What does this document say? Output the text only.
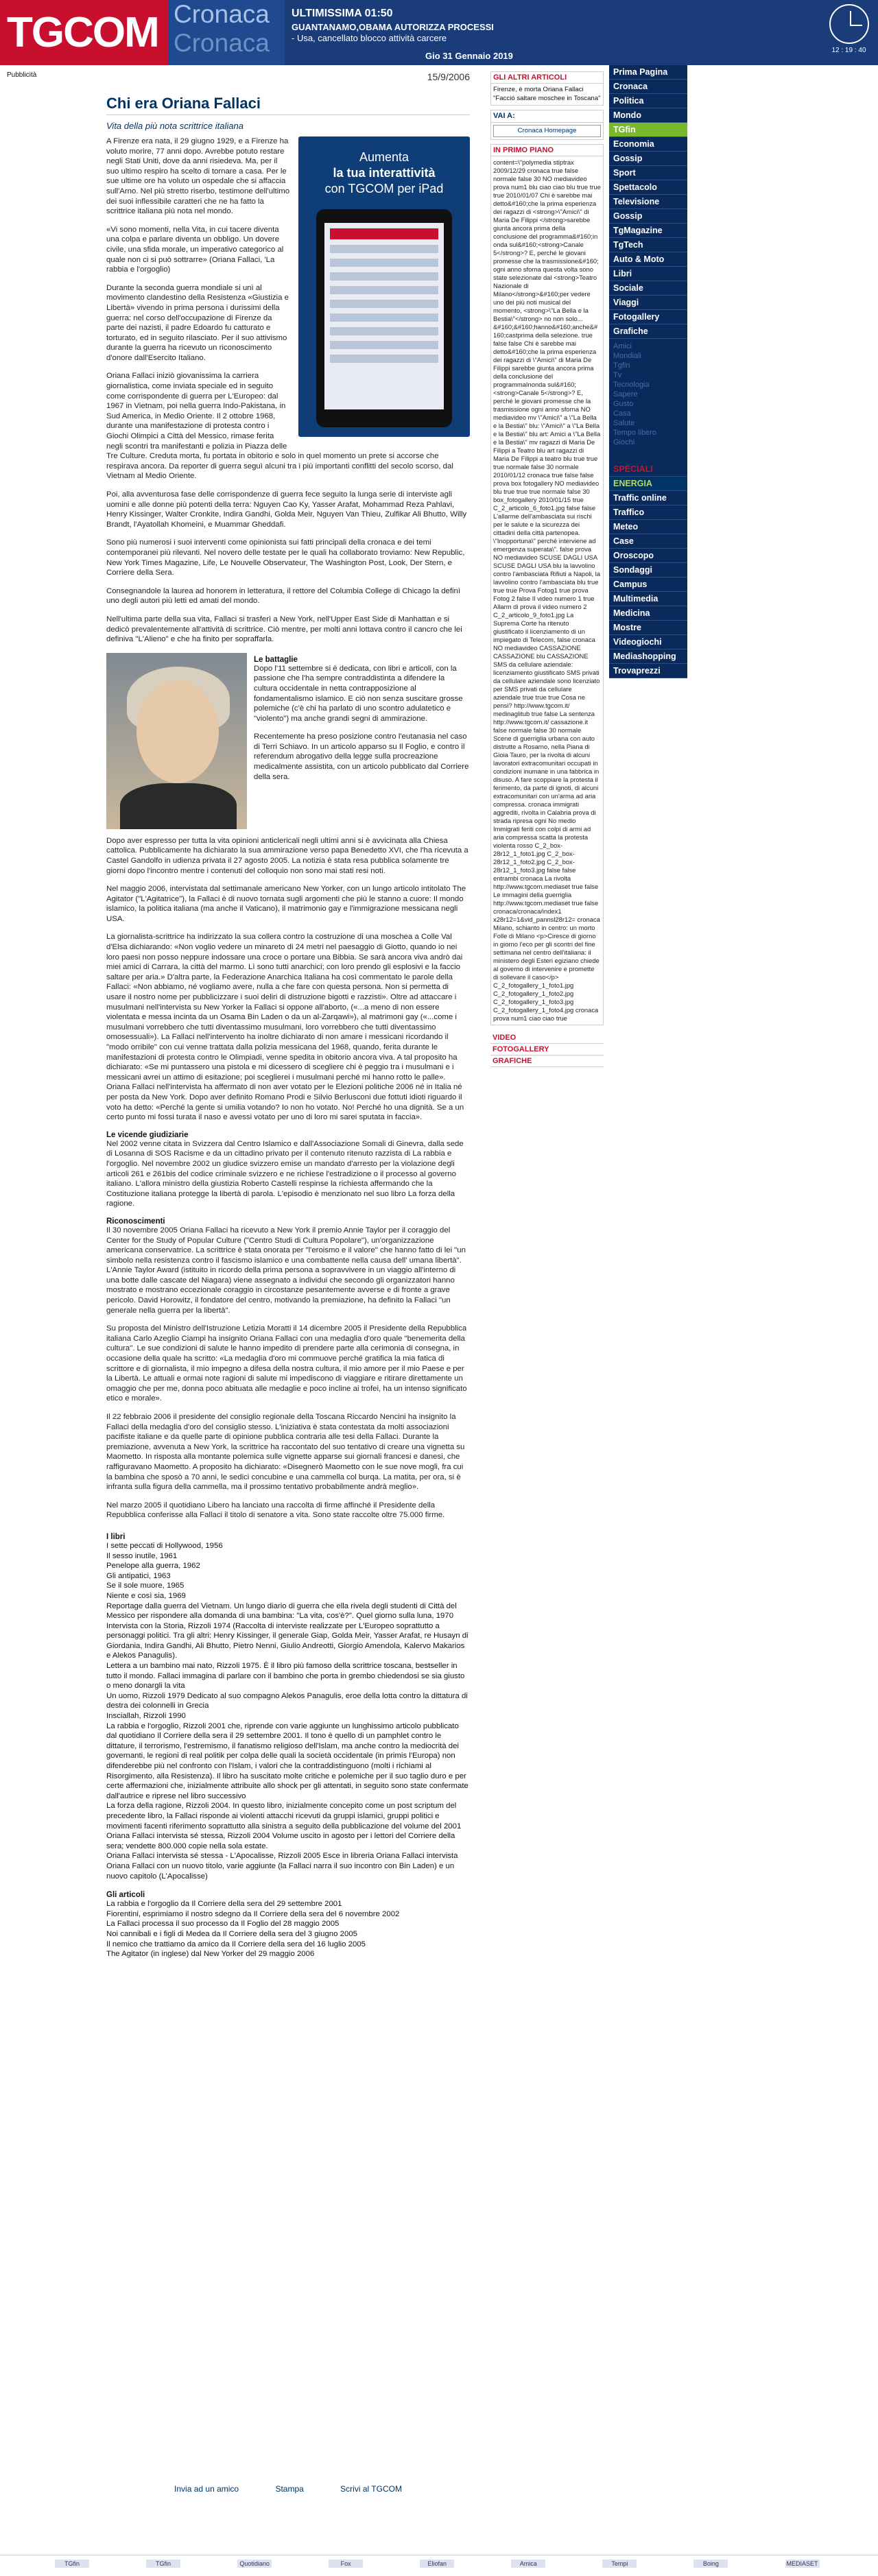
TGCOM Cronaca
Cronaca
ULTIMISSIMA 01:50
GUANTANAMO,OBAMA AUTORIZZA PROCESSI
- Usa, cancellato blocco attività carcere
Gio 31 Gennaio 2019
12 : 19 : 40
Pubblicità	15/9/2006
Chi era Oriana Fallaci
Vita della più nota scrittrice italiana
Aumenta
la tua interattività
con TGCOM per iPad
A Firenze era nata, il 29 giugno 1929, e a Firenze ha voluto morire, 77 anni dopo. Avrebbe potuto restare negli Stati Uniti, dove da anni risiedeva. Ma, per il suo ultimo respiro ha scelto di tornare a casa. Per le sue ultime ore ha voluto un ospedale che si affaccia sull'Arno. Nel più stretto riserbo, testimone dell'ultimo dei suoi inflessibile caratteri che ne ha fatto la scrittrice italiana più nota nel mondo.
«Vi sono momenti, nella Vita, in cui tacere diventa una colpa e parlare diventa un obbligo. Un dovere civile, una sfida morale, un imperativo categorico al quale non ci si può sottrarre» (Oriana Fallaci, 'La rabbia e l'orgoglio)
Durante la seconda guerra mondiale si unì al movimento clandestino della Resistenza «Giustizia e Libertà» vivendo in prima persona i durissimi della guerra: nel corso dell'occupazione di Firenze da parte dei nazisti, il padre Edoardo fu catturato e torturato, ed in seguito rilasciato. Per il suo attivismo durante la guerra ha ricevuto un riconoscimento d'onore dall'Esercito Italiano.
Oriana Fallaci iniziò giovanissima la carriera giornalistica, come inviata speciale ed in seguito come corrispondente di guerra per L'Europeo: dal 1967 in Vietnam, poi nella guerra Indo-Pakistana, in Sud America, in Medio Oriente. Il 2 ottobre 1968, durante una manifestazione di protesta contro i Giochi Olimpici a Città del Messico, rimase ferita negli scontri tra manifestanti e polizia in Piazza delle Tre Culture. Creduta morta, fu portata in obitorio e solo in quel momento un prete si accorse che respirava ancora. Da reporter di guerra seguì alcuni tra i più importanti conflitti del secolo scorso, dal Vietnam al Medio Oriente.
Poi, alla avventurosa fase delle corrispondenze di guerra fece seguito la lunga serie di interviste agli uomini e alle donne più potenti della terra: Nguyen Cao Ky, Yasser Arafat, Mohammad Reza Pahlavi, Henry Kissinger, Walter Cronkite, Indira Gandhi, Golda Meir, Nguyen Van Thieu, Zulfikar Ali Bhutto, Willy Brandt, l'Ayatollah Khomeini, e Muammar Gheddafi.
Sono più numerosi i suoi interventi come opinionista sui fatti principali della cronaca e dei temi contemporanei più rilevanti. Nel novero delle testate per le quali ha collaborato troviamo: New Republic, New York Times Magazine, Life, Le Nouvelle Observateur, The Washington Post, Look, Der Stern, e Corriere della Sera.
Consegnandole la laurea ad honorem in letteratura, il rettore del Columbia College di Chicago la definì uno degli autori più letti ed amati del mondo.
Nell'ultima parte della sua vita, Fallaci si trasferì a New York, nell'Upper East Side di Manhattan e si dedicò prevalentemente all'attività di scrittrice. Ciò mentre, per molti anni lottava contro il cancro che lei definiva "L'Alieno" e che ha finito per sopraffarla.
Le battaglie
Dopo l'11 settembre si è dedicata, con libri e articoli, con la passione che l'ha sempre contraddistinta a difendere la cultura occidentale in netta contrapposizione al fondamentalismo islamico. E ciò non senza suscitare grosse polemiche (c'è chi ha parlato di uno scontro adulatetico e "violento") ma anche grandi segni di ammirazione.
Recentemente ha preso posizione contro l'eutanasia nel caso di Terri Schiavo. In un articolo apparso su Il Foglio, e contro il referendum abrogativo della legge sulla procreazione medicalmente assistita, con un articolo pubblicato dal Corriere della sera.
Dopo aver espresso per tutta la vita opinioni anticlericali negli ultimi anni si è avvicinata alla Chiesa cattolica. Pubblicamente ha dichiarato la sua ammirazione verso papa Benedetto XVI, che l'ha ricevuta a Castel Gandolfo in udienza privata il 27 agosto 2005. La notizia è stata resa pubblica solamente tre giorni dopo l'incontro mentre i contenuti del colloquio non sono mai stati resi noti.
Nel maggio 2006, intervistata dal settimanale americano New Yorker, con un lungo articolo intitolato The Agitator ("L'Agitatrice"), la Fallaci è di nuovo tornata sugli argomenti che più le stanno a cuore: Il mondo islamico, la politica italiana (ma anche il Vaticano), il matrimonio gay e l'immigrazione messicana negli USA.
La giornalista-scrittrice ha indirizzato la sua collera contro la costruzione di una moschea a Colle Val d'Elsa dichiarando: «Non voglio vedere un minareto di 24 metri nel paesaggio di Giotto, quando io nei loro paesi non posso neppure indossare una croce o portare una Bibbia. Se sarà ancora viva andrò dai miei amici di Carrara, la città del marmo. Lì sono tutti anarchici; con loro prendo gli esplosivi e la faccio saltare per aria.» D'altra parte, la Federazione Anarchica Italiana ha così commentato le parole della Fallaci: «Non abbiamo, né vogliamo avere, nulla a che fare con questa persona. Non si permetta di usare il nostro nome per pubblicizzare i suoi deliri di distruzione bigotti e razzisti». Oltre ad attaccare i musulmani nell'intervista su New Yorker la Fallaci si oppone all'aborto, («...a meno di non essere violentata e messa incinta da un Osama Bin Laden o da un al-Zarqawi»), al matrimoni gay («...come i musulmani vorrebbero che tutti diventassimo musulmani, loro vorrebbero che tutti diventassimo omosessuali»). La Fallaci nell'intervento ha inoltre dichiarato di non amare i messicani ricordando il "modo orribile" con cui venne trattata dalla polizia messicana del 1968, quando, ferita durante le manifestazioni di protesta contro le Olimpiadi, venne spedita in obitorio ancora viva. A tal proposito ha dichiarato: «Se mi puntassero una pistola e mi dicessero di scegliere chi è peggio tra i musulmani e i messicani avrei un attimo di esitazione; poi sceglierei i musulmani perché mi hanno rotto le palle». Oriana Fallaci nell'intervista ha affermato di non aver votato per le Elezioni politiche 2006 né in Italia né per posta da New York. Dopo aver definito Romano Prodi e Silvio Berlusconi due fottuti idioti riguardo il voto ha detto: «Perché la gente si umilia votando? Io non ho votato. No! Perché ho una dignità. Se a un certo punto mi fossi turata il naso e avessi votato per uno di loro mi sarei sputata in faccia».
Le vicende giudiziarie
Nel 2002 venne citata in Svizzera dal Centro Islamico e dall'Associazione Somali di Ginevra, dalla sede di Losanna di SOS Racisme e da un cittadino privato per il contenuto ritenuto razzista di La rabbia e l'orgoglio. Nel novembre 2002 un giudice svizzero emise un mandato d'arresto per la violazione degli articoli 261 e 261bis del codice criminale svizzero e ne richiese l'estradizione o il processo al governo italiano. L'allora ministro della giustizia Roberto Castelli respinse la richiesta affermando che la Costituzione italiana protegge la libertà di parola. L'episodio è menzionato nel suo libro La forza della ragione.
Riconoscimenti
Il 30 novembre 2005 Oriana Fallaci ha ricevuto a New York il premio Annie Taylor per il coraggio del Center for the Study of Popular Culture ("Centro Studi di Cultura Popolare"), un'organizzazione americana conservatrice. La scrittrice è stata onorata per "l'eroismo e il valore" che hanno fatto di lei "un simbolo nella resistenza contro il fascismo islamico e una combattente nella causa dell' umana libertà". L'Annie Taylor Award (istituito in ricordo della prima persona a sopravvivere in un viaggio all'interno di una botte dalle cascate del Niagara) viene assegnato a individui che secondo gli organizzatori hanno mostrato e mostrano eccezionale coraggio in circostanze pesantemente avverse e di fronte a grave pericolo. David Horowitz, il fondatore del centro, motivando la premiazione, ha definito la Fallaci "un generale nella guerra per la libertà".
Su proposta del Ministro dell'Istruzione Letizia Moratti il 14 dicembre 2005 il Presidente della Repubblica italiana Carlo Azeglio Ciampi ha insignito Oriana Fallaci con una medaglia d'oro quale "benemerita della cultura". Le sue condizioni di salute le hanno impedito di prendere parte alla cerimonia di consegna, in occasione della quale ha scritto: «La medaglia d'oro mi commuove perché gratifica la mia fatica di scrittore e di giornalista, il mio impegno a difesa della nostra cultura, il mio amore per il mio Paese e per la Libertà. Le attuali e ormai note ragioni di salute mi impediscono di viaggiare e ritirare direttamente un omaggio che per me, donna poco abituata alle medaglie e poco incline ai trofei, ha un intenso significato etico e morale».
Il 22 febbraio 2006 il presidente del consiglio regionale della Toscana Riccardo Nencini ha insignito la Fallaci della medaglia d'oro del consiglio stesso. L'iniziativa è stata contestata da molti associazioni pacifiste italiane e da quelle parte di opinione pubblica contraria alle tesi della Fallaci. Durante la premiazione, avvenuta a New York, la scrittrice ha raccontato del suo tentativo di creare una vignetta su Maometto. In risposta alla montante polemica sulle vignette apparse sui giornali francesi e danesi, che raffiguravano Maometto. A proposito ha dichiarato: «Disegnerò Maometto con le sue nove mogli, fra cui la bambina che sposò a 70 anni, le sedici concubine e una cammella col burqa. La matita, per ora, si è infranta sulla figura della cammella, ma il prossimo tentativo probabilmente andrà meglio».
Nel marzo 2005 il quotidiano Libero ha lanciato una raccolta di firme affinché il Presidente della Repubblica conferisse alla Fallaci il titolo di senatore a vita. Sono state raccolte oltre 75.000 firme.
I libri
I sette peccati di Hollywood, 1956
Il sesso inutile, 1961
Penelope alla guerra, 1962
Gli antipatici, 1963
Se il sole muore, 1965
Niente e così sia, 1969
Reportage dalla guerra del Vietnam. Un lungo diario di guerra che ella rivela degli studenti di Città del Messico per rispondere alla domanda di una bambina: "La vita, cos'è?". Quel giorno sulla luna, 1970 Intervista con la Storia, Rizzoli 1974 (Raccolta di interviste realizzate per L'Europeo soprattutto a personaggi politici. Tra gli altri: Henry Kissinger, il generale Giap, Golda Meir, Yasser Arafat, re Husayn di Giordania, Indira Gandhi, Ali Bhutto, Pietro Nenni, Giulio Andreotti, Giorgio Amendola, Kalervo Makarios e Alekos Panagulis).
Lettera a un bambino mai nato, Rizzoli 1975. È il libro più famoso della scrittrice toscana, bestseller in tutto il mondo. Fallaci immagina di parlare con il bambino che porta in grembo chiedendosi se sia giusto o meno donargli la vita
Un uomo, Rizzoli 1979 Dedicato al suo compagno Alekos Panagulis, eroe della lotta contro la dittatura di destra dei colonnelli in Grecia
Insciallah, Rizzoli 1990
La rabbia e l'orgoglio, Rizzoli 2001 che, riprende con varie aggiunte un lunghissimo articolo pubblicato dal quotidiano Il Corriere della sera il 29 settembre 2001. Il tono è quello di un pamphlet contro le dittature, il terrorismo, l'estremismo, il fanatismo religioso dell'Islam, ma anche contro la mediocrità dei governanti, le regioni di real politik per colpa delle quali la società occidentale (in primis l'Europa) non difenderebbe più nel confronto con l'Islam, i valori che la contraddistinguono (molti i richiami al Risorgimento, alla Resistenza). Il libro ha suscitato molte critiche e polemiche per il suo taglio duro e per certe affermazioni che, inizialmente attribuite allo shock per gli attentati, in seguito sono state confermate dall'autrice e riprese nel libro successivo
La forza della ragione, Rizzoli 2004. In questo libro, inizialmente concepito come un post scriptum del precedente libro, la Fallaci risponde ai violenti attacchi ricevuti da gruppi islamici, gruppi politici e movimenti facenti riferimento soprattutto alla sinistra a seguito della pubblicazione del volume del 2001
Oriana Fallaci intervista sé stessa, Rizzoli 2004 Volume uscito in agosto per i lettori del Corriere della sera; vendette 800.000 copie nella sola estate.
Oriana Fallaci intervista sé stessa - L'Apocalisse, Rizzoli 2005 Esce in libreria Oriana Fallaci intervista Oriana Fallaci con un nuovo titolo, varie aggiunte (la Fallaci narra il suo incontro con Bin Laden) e un nuovo capitolo (L'Apocalisse)
Gli articoli
La rabbia e l'orgoglio da Il Corriere della sera del 29 settembre 2001
Fiorentini, esprimiamo il nostro sdegno da Il Corriere della sera del 6 novembre 2002
La Fallaci processa il suo processo da Il Foglio del 28 maggio 2005
Noi cannibali e i figli di Medea da Il Corriere della sera del 3 giugno 2005
Il nemico che trattiamo da amico da Il Corriere della sera del 16 luglio 2005
The Agitator (in inglese) dal New Yorker del 29 maggio 2006
Invia ad un amico	Stampa	Scrivi al TGCOM
TGfin	TGfin	Quotidiano	Fox	Eliofan	Amica	Tempi	Boing	MEDIASET
GLI ALTRI ARTICOLI
Firenze, è morta Oriana Fallaci
"Facció saltare moschee in Toscana"
VAI A:
Cronaca Homepage
IN PRIMO PIANO
content=\"polymedia stiptrax 2009/12/29 cronaca true false normale false 30 NO mediavideo prova num1 blu ciao ciao blu true true true 2010/01/07 Chi è sarebbe mai detto&#160;che la prima esperienza dei ragazzi di <strong>\"Amici\" di Maria De Filippi </strong>sarebbe giunta ancora prima della conclusione del programma&#160;in onda sul&#160;<strong>Canale 5</strong>? E, perché le giovani promesse che la trasmissione&#160; ogni anno sforna questa volta sono state selezionate dal <strong>Teatro Nazionale di Milano</strong>&#160;per vedere uno dei più noti musical del momento, <strong>\"La Bella e la Bestia\"</strong> no non solo... &#160;&#160;hanno&#160;anche&#160;castprima della selezione. true false false Chi è sarebbe mai detto&#160;che la prima esperienza dei ragazzi di \"Amici\" di Maria De Filippi sarebbe giunta ancora prima della conclusione del programmaInonda sul&#160;<strong>Canale 5</strong>? E, perché le giovani promesse che la trasmissione ogni anno sforna NO mediavideo mv \"Amici\" a \"La Bella e la Bestia\" blu: \"Amici\" a \"La Bella e la Bestia\" blu art: Amici a \"La Bella e la Bestia\" mv ragazzi di Maria De Filippi a Teatro blu art ragazzi di Maria De Filippi a teatro blu true true true normale false 30 normale 2010/01/12 cronaca true false false prova box fotogallery NO mediavideo blu true true true normale false 30 box_fotogallery 2010/01/15 true C_2_articolo_6_foto1.jpg false false L'allarme dell'ambasciata sui rischi per le salute e la sicurezza dei cittadini della città partenopea. \"Inopportuna\" perché interviene ad emergenza superata\". false prova NO mediavideo SCUSE DAGLI USA SCUSE DAGLI USA blu la lavvolino contro l'ambasciata Rifiuti a Napoli, la lavvolino contro l'ambasciata blu true true true Prova Fotog1 true prova Fotog 2 false Il video numero 1 true Allarm di prova il video numero 2 C_2_articolo_9_foto1.jpg La Suprema Corte ha ritenuto giustificato il licenziamento di un impiegato di Telecom, false cronaca NO mediavideo CASSAZIONE CASSAZIONE blu CASSAZIONE SMS da cellulare aziendale: licenziamento giustificato SMS privati da cellulare aziendale sono licenziato per SMS privati da cellulare aziendale true true true Cosa ne pensi? http://www.tgcom.it/ medinaglitub true false La sentenza http://www.tgcom.it/ cassazione.it false normale false 30 normale Scene di guerriglia urbana con auto distrutte a Rosarno, nella Piana di Gioia Tauro, per la rivolta di alcuni lavoratori extracomunitari occupati in condizioni inumane in una fabbrica in disuso. A fare scoppiare la protesta il ferimento, da parte di ignoti, di alcuni extracomunitari con un'arma ad aria compressa. cronaca immigrati aggrediti, rivolta in Calabria prova di strada ripresa ogni No medio Immigrati feriti con colpi di armi ad aria compressa scatta la protesta violenta rosso C_2_box-28r12_1_foto1.jpg C_2_box-28r12_1_foto2.jpg C_2_box-28r12_1_foto3.jpg false false entrambi cronaca La rivolta http://www.tgcom.mediaset true false Le immagini della guerriglia http://www.tgcom.mediaset true false cronaca/cronaca/index1 x28r12=1&vid_pannsl28r12= cronaca Milano, schianto in centro: un morto Folle di Milano <p>Ciresce di giorno in giorno l'eco per gli scontri del fine settimana nel centro dell'italiana: il ministero degli Esteri egiziano chiede al governo di intervenire e promette di sollevare il caso</p> C_2_fotogallery_1_foto1.jpg C_2_fotogallery_1_foto2.jpg C_2_fotogallery_1_foto3.jpg C_2_fotogallery_1_foto4.jpg cronaca prova num1 ciao ciao true
VIDEO
FOTOGALLERY
GRAFICHE
Prima Pagina
Cronaca
Politica
Mondo
TGfin
Economia
Gossip
Sport
Spettacolo
Televisione
Gossip
TgMagazine
TgTech
Auto & Moto
Libri
Sociale
Viaggi
Fotogallery
Grafiche
Amici
Mondiali
Tgfin
Tv
Tecnologia
Sapere
Gusto
Casa
Salute
Tempo libero
Giochi
SPECIALI
ENERGIA
Traffic online
Traffico
Meteo
Case
Oroscopo
Sondaggi
Campus
Multimedia
Medicina
Mostre
Videogiochi
Mediashopping
Trovaprezzi
